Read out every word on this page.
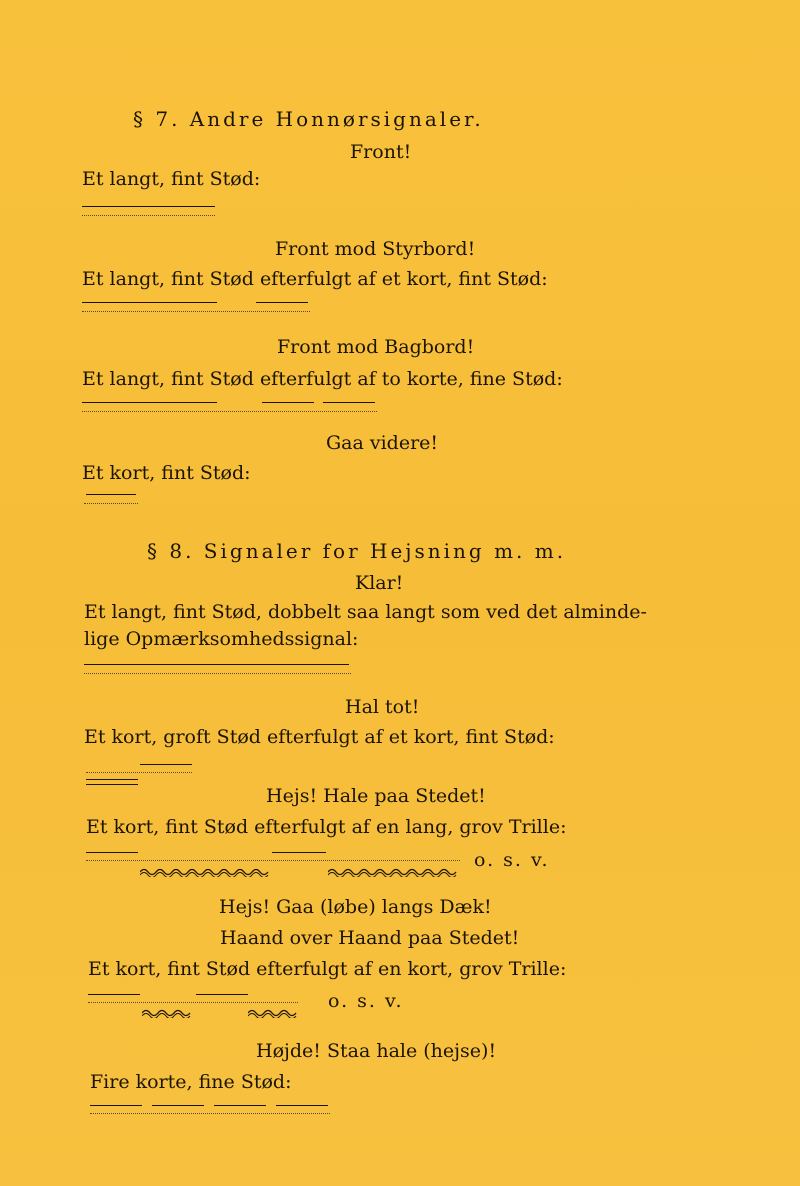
§ 7. Andre Honnørsignaler.
Front!
Et langt, fint Stød:
Front mod Styrbord!
Et langt, fint Stød efterfulgt af et kort, fint Stød:
Front mod Bagbord!
Et langt, fint Stød efterfulgt af to korte, fine Stød:
Gaa videre!
Et kort, fint Stød:
§ 8. Signaler for Hejsning m. m.
Klar!
Et langt, fint Stød, dobbelt saa langt som ved det alminde-
lige Opmærksomhedssignal:
Hal tot!
Et kort, groft Stød efterfulgt af et kort, fint Stød:
Hejs! Hale paa Stedet!
Et kort, fint Stød efterfulgt af en lang, grov Trille:
o. s. v.
Hejs! Gaa (løbe) langs Dæk!
Haand over Haand paa Stedet!
Et kort, fint Stød efterfulgt af en kort, grov Trille:
o. s. v.
Højde! Staa hale (hejse)!
Fire korte, fine Stød:
